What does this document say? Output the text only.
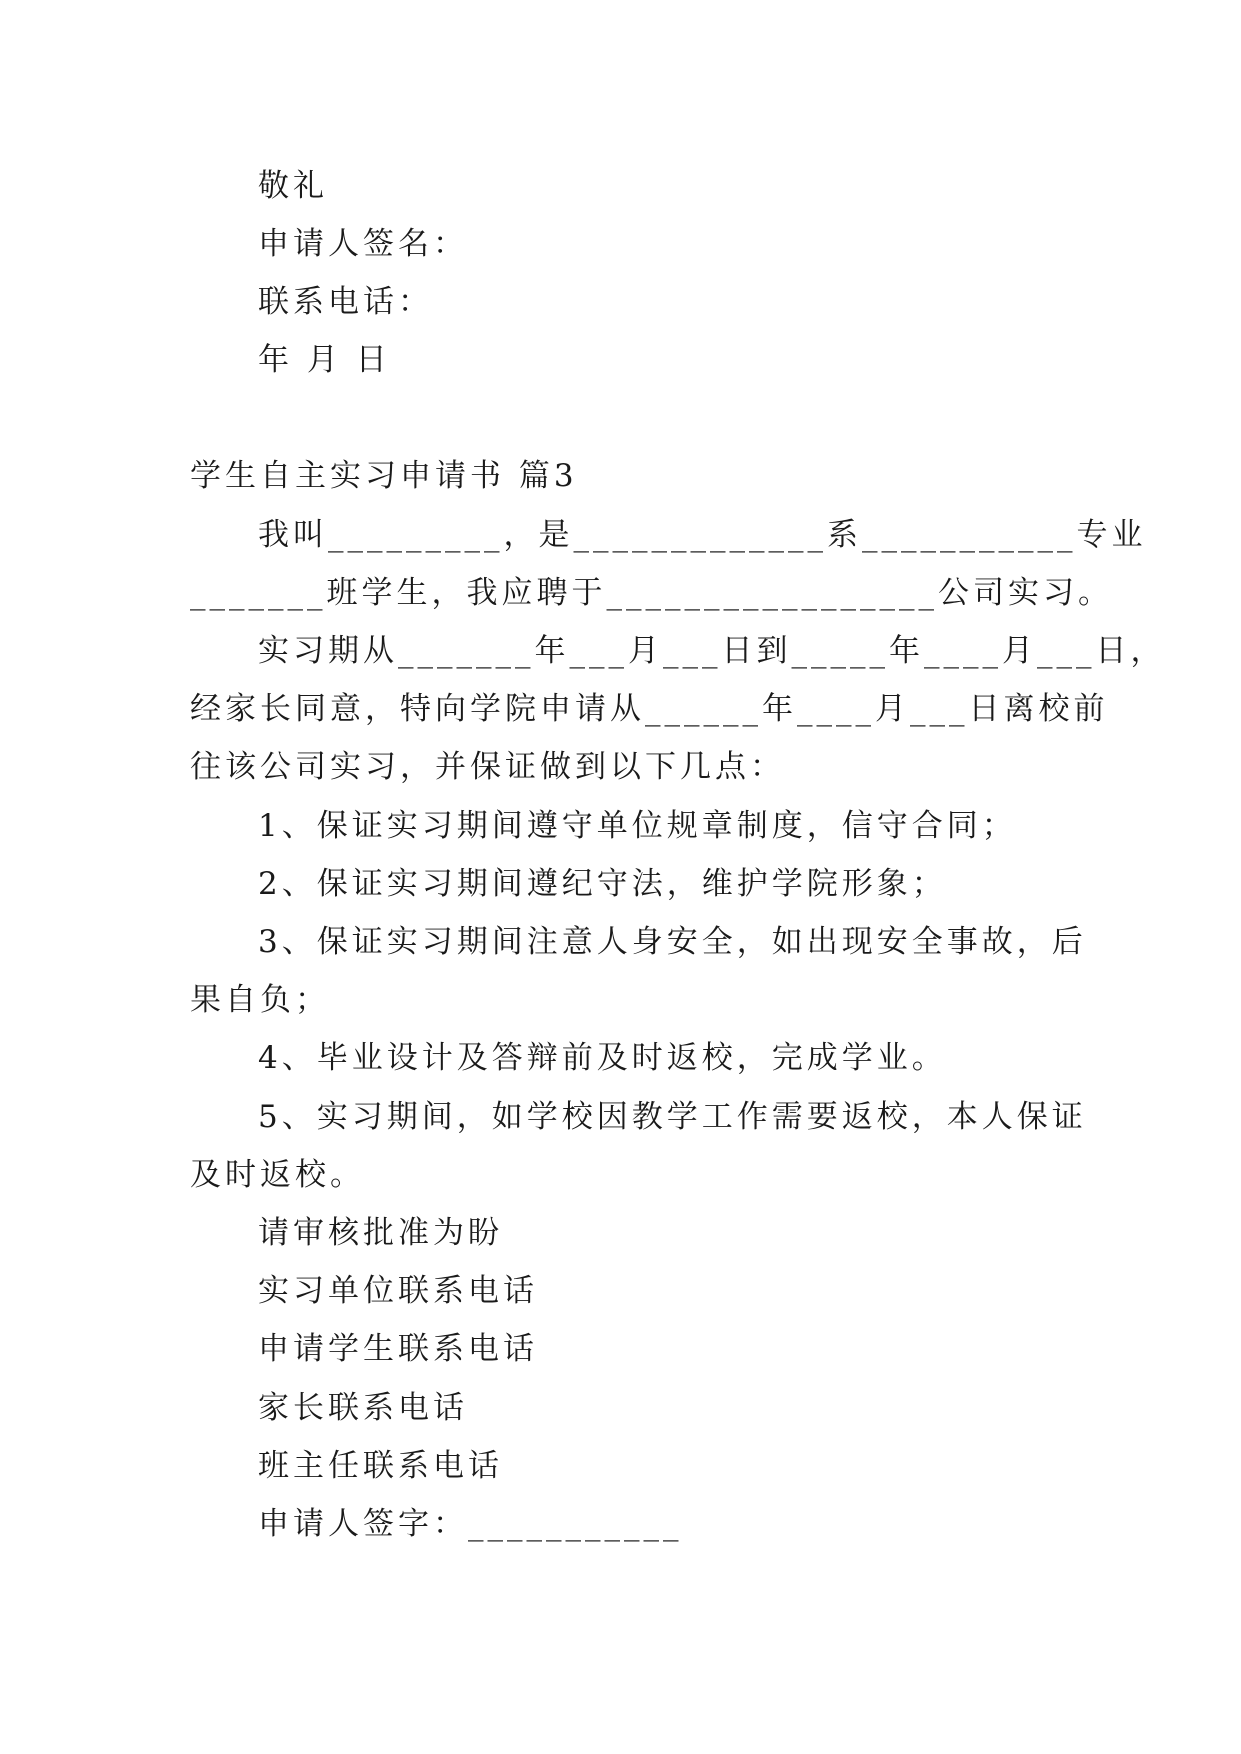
敬礼
申请人签名：
联系电话：
年 月 日
学生自主实习申请书 篇3
我叫_________，是_____________系___________专业
_______班学生，我应聘于_________________公司实习。
实习期从_______年___月___日到_____年____月___日，
经家长同意，特向学院申请从______年____月___日离校前
往该公司实习，并保证做到以下几点：
1、保证实习期间遵守单位规章制度，信守合同；
2、保证实习期间遵纪守法，维护学院形象；
3、保证实习期间注意人身安全，如出现安全事故，后
果自负；
4、毕业设计及答辩前及时返校，完成学业。
5、实习期间，如学校因教学工作需要返校，本人保证
及时返校。
请审核批准为盼
实习单位联系电话
申请学生联系电话
家长联系电话
班主任联系电话
申请人签字：___________
